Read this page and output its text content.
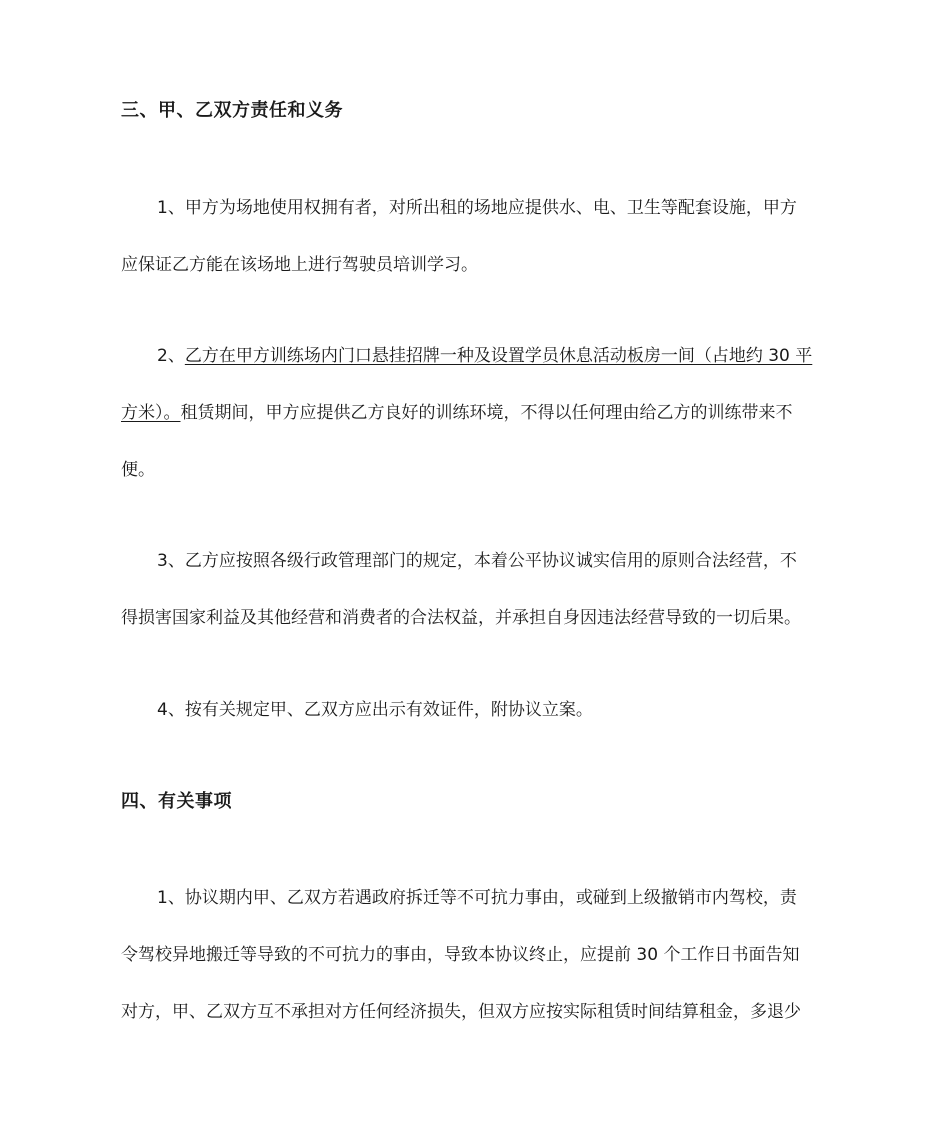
三、甲、乙双方责任和义务
1、甲方为场地使用权拥有者，对所出租的场地应提供水、电、卫生等配套设施，甲方
应保证乙方能在该场地上进行驾驶员培训学习。
2、乙方在甲方训练场内门口悬挂招牌一种及设置学员休息活动板房一间（占地约 30 平
方米）。租赁期间，甲方应提供乙方良好的训练环境，不得以任何理由给乙方的训练带来不
便。
3、乙方应按照各级行政管理部门的规定，本着公平协议诚实信用的原则合法经营，不
得损害国家利益及其他经营和消费者的合法权益，并承担自身因违法经营导致的一切后果。
4、按有关规定甲、乙双方应出示有效证件，附协议立案。
四、有关事项
1、协议期内甲、乙双方若遇政府拆迁等不可抗力事由，或碰到上级撤销市内驾校，责
令驾校异地搬迁等导致的不可抗力的事由，导致本协议终止，应提前 30 个工作日书面告知
对方，甲、乙双方互不承担对方任何经济损失，但双方应按实际租赁时间结算租金，多退少
